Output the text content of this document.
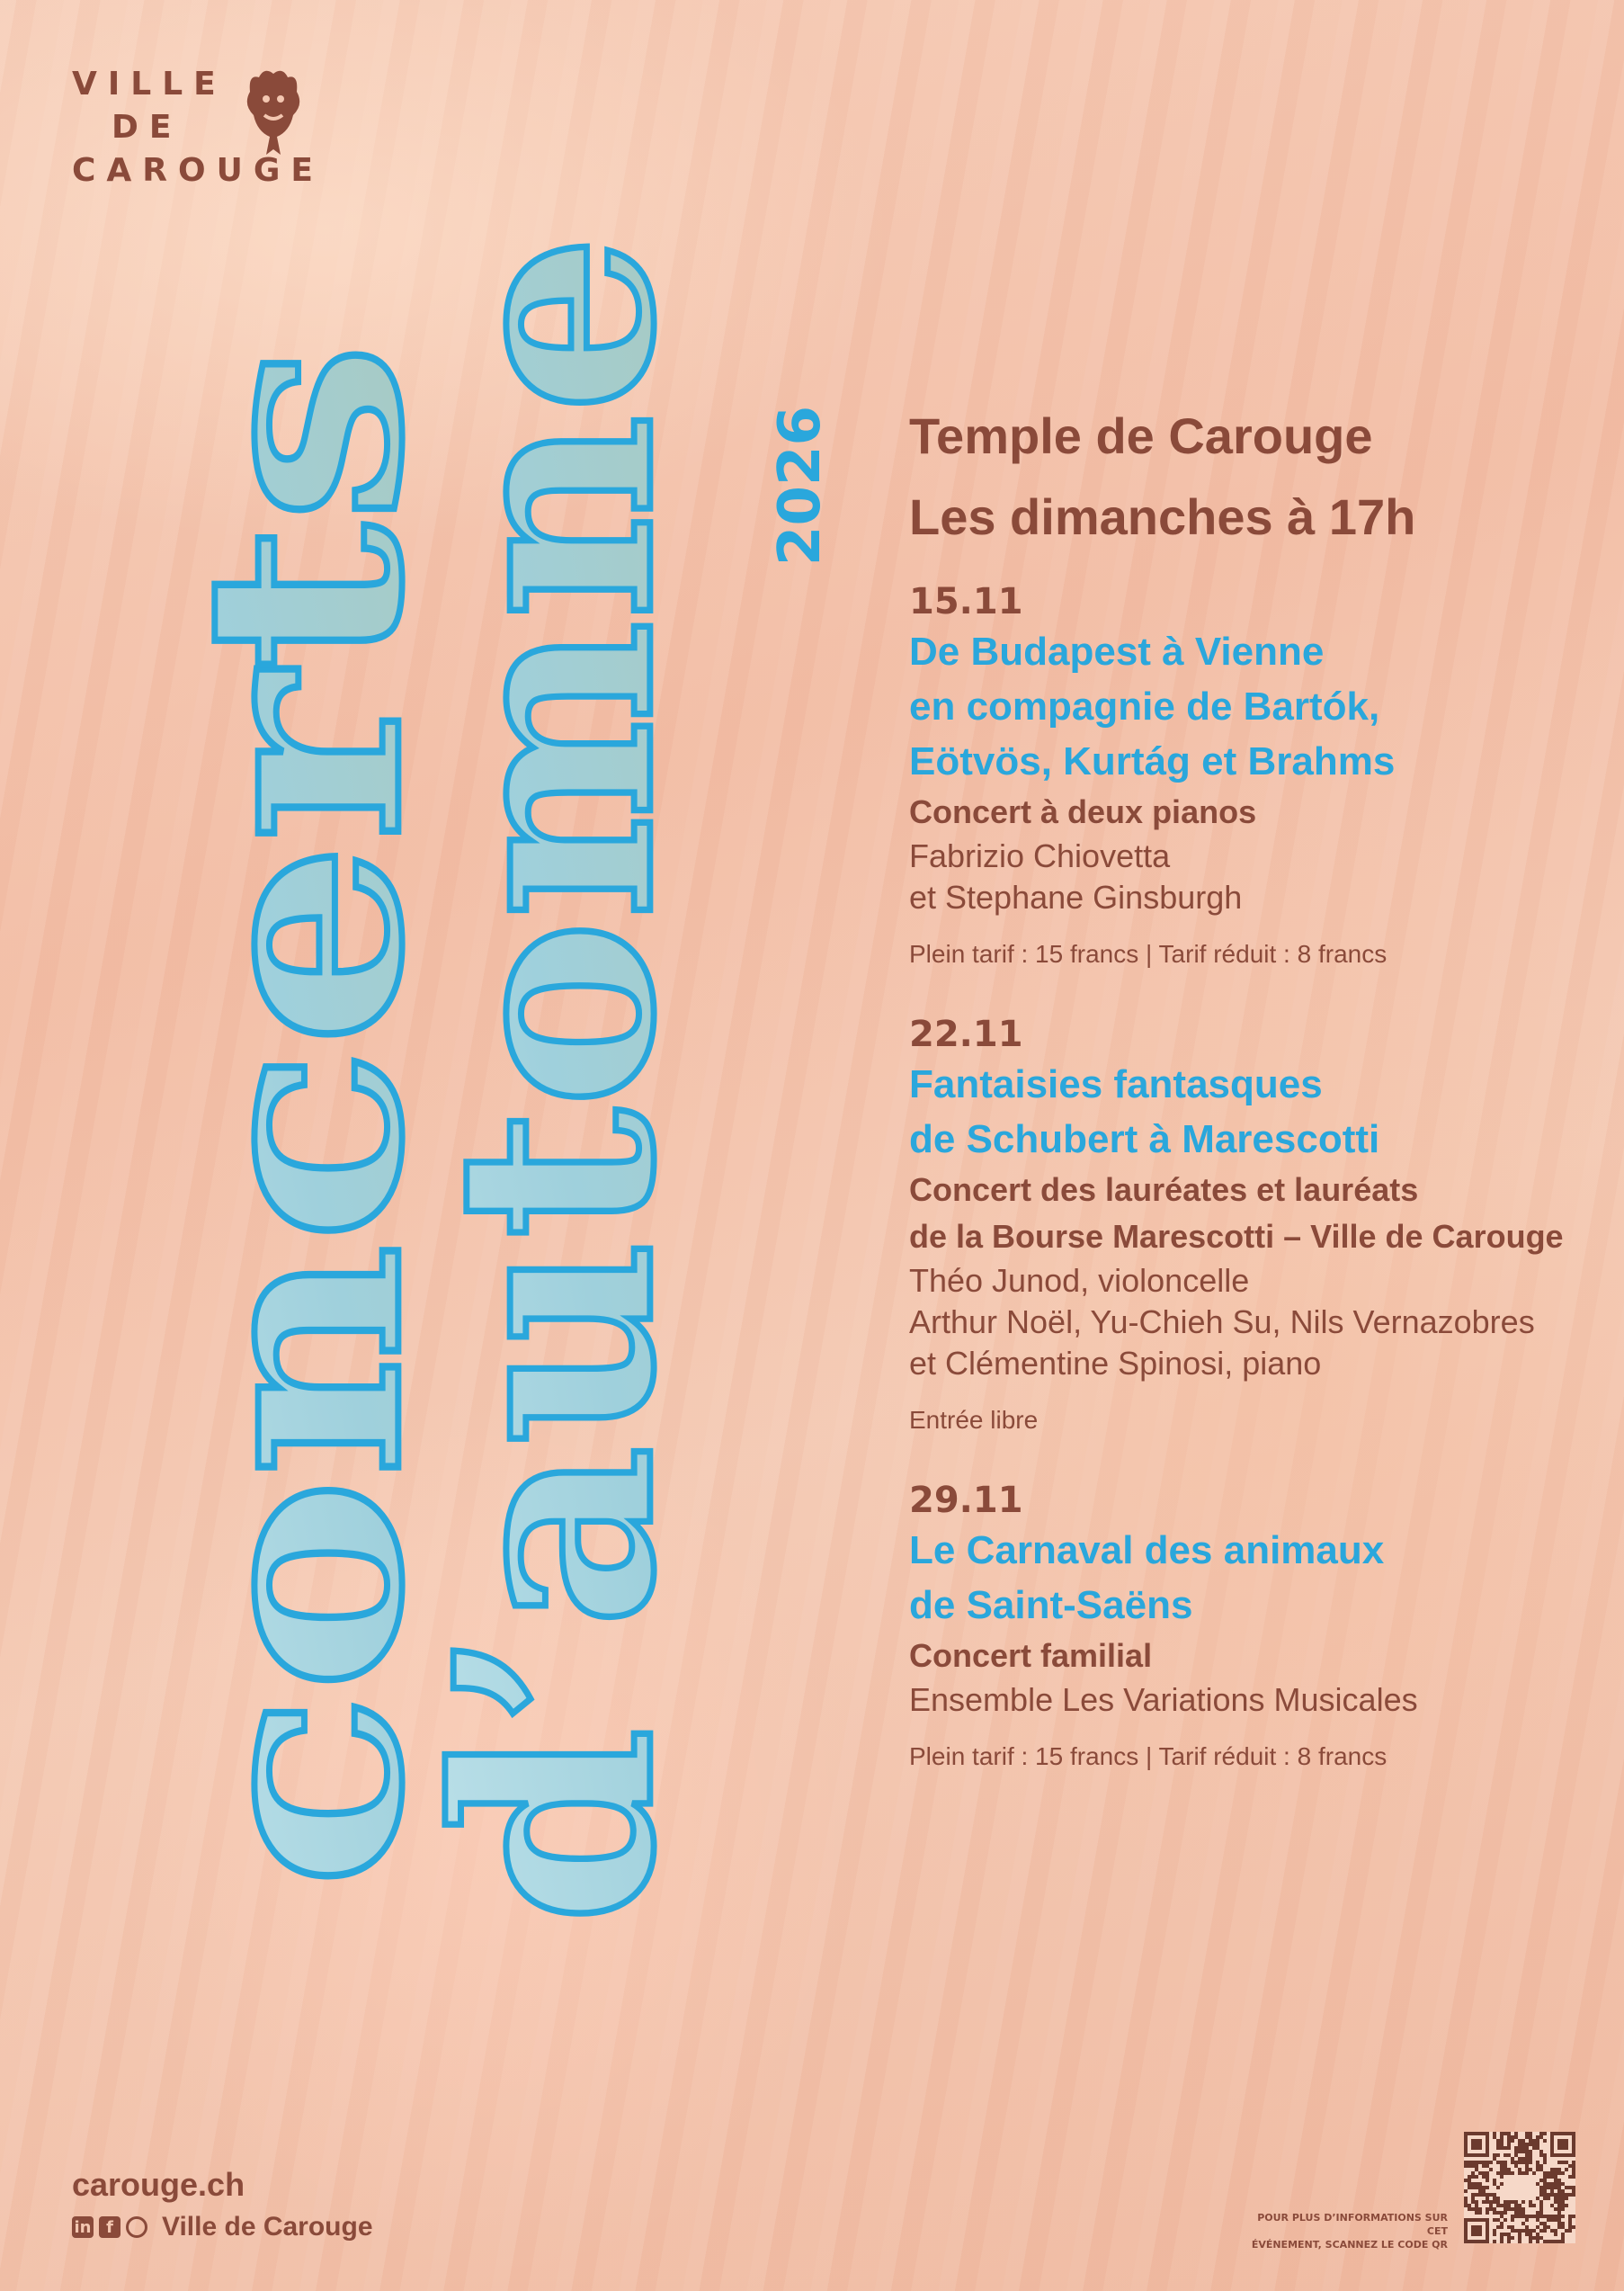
VILLE
DE
CAROUGE
concerts
d’automne 2026 Temple de Carouge
Les dimanches à 17h
15.11
De Budapest à Vienne
en compagnie de Bartók,
Eötvös, Kurtág et Brahms
Concert à deux pianos
Fabrizio Chiovetta
et Stephane Ginsburgh
Plein tarif : 15 francs | Tarif réduit : 8 francs
22.11
Fantaisies fantasques
de Schubert à Marescotti
Concert des lauréates et lauréats
de la Bourse Marescotti – Ville de Carouge
Théo Junod, violoncelle
Arthur Noël, Yu-Chieh Su, Nils Vernazobres
et Clémentine Spinosi, piano
Entrée libre
29.11
Le Carnaval des animaux
de Saint-Saëns
Concert familial
Ensemble Les Variations Musicales
Plein tarif : 15 francs | Tarif réduit : 8 francs
carouge.ch
in f Ville de Carouge	POUR PLUS D’INFORMATIONS SUR CET
ÉVÉNEMENT, SCANNEZ LE CODE QR
